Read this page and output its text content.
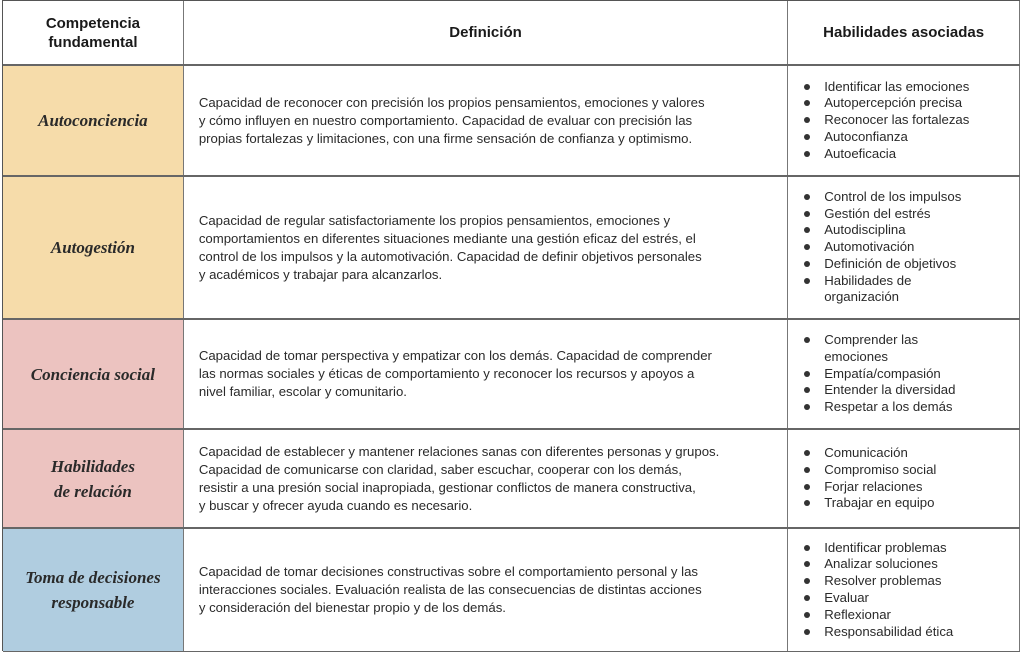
Competencia
fundamental
Definición	Habilidades asociadas
Autoconciencia
Capacidad de reconocer con precisión los propios pensamientos, emociones y valores
y cómo influyen en nuestro comportamiento. Capacidad de evaluar con precisión las
propias fortalezas y limitaciones, con una firme sensación de confianza y optimismo.
Identificar las emociones
Autopercepción precisa
Reconocer las fortalezas
Autoconfianza
Autoeficacia
Autogestión
Capacidad de regular satisfactoriamente los propios pensamientos, emociones y
comportamientos en diferentes situaciones mediante una gestión eficaz del estrés, el
control de los impulsos y la automotivación. Capacidad de definir objetivos personales
y académicos y trabajar para alcanzarlos.
Control de los impulsos
Gestión del estrés
Autodisciplina
Automotivación
Definición de objetivos
Habilidades de organización
Conciencia social
Capacidad de tomar perspectiva y empatizar con los demás. Capacidad de comprender
las normas sociales y éticas de comportamiento y reconocer los recursos y apoyos a
nivel familiar, escolar y comunitario.
Comprender las emociones
Empatía/compasión
Entender la diversidad
Respetar a los demás
Habilidades
de relación
Capacidad de establecer y mantener relaciones sanas con diferentes personas y grupos.
Capacidad de comunicarse con claridad, saber escuchar, cooperar con los demás,
resistir a una presión social inapropiada, gestionar conflictos de manera constructiva,
y buscar y ofrecer ayuda cuando es necesario.
Comunicación
Compromiso social
Forjar relaciones
Trabajar en equipo
Toma de decisiones
responsable
Capacidad de tomar decisiones constructivas sobre el comportamiento personal y las
interacciones sociales. Evaluación realista de las consecuencias de distintas acciones
y consideración del bienestar propio y de los demás.
Identificar problemas
Analizar soluciones
Resolver problemas
Evaluar
Reflexionar
Responsabilidad ética
